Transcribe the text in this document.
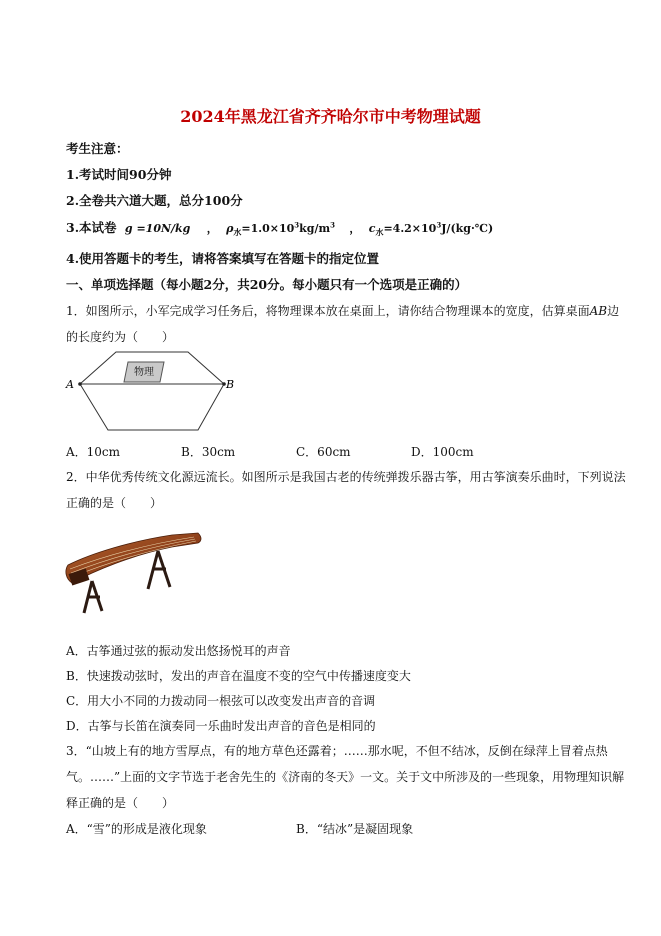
2024年黑龙江省齐齐哈尔市中考物理试题
考生注意：
1.考试时间90分钟
2.全卷共六道大题，总分100分
3.本试卷 g =10N/kg ， $\rho_水=1.0\times 10^3kg/m^3$ ， $c_水=4.2\times 10^3J/(kg\cdot℃)$
4.使用答题卡的考生，请将答案填写在答题卡的指定位置
一、单项选择题（每小题2分，共20分。每小题只有一个选项是正确的）
1．如图所示，小军完成学习任务后，将物理课本放在桌面上，请你结合物理课本的宽度，估算桌面AB边
的长度约为（　　）
物理
A	B
A．10cm	B．30cm	C．60cm	D．100cm
2．中华优秀传统文化源远流长。如图所示是我国古老的传统弹拨乐器古筝，用古筝演奏乐曲时，下列说法
正确的是（　　）
A．古筝通过弦的振动发出悠扬悦耳的声音
B．快速拨动弦时，发出的声音在温度不变的空气中传播速度变大
C．用大小不同的力拨动同一根弦可以改变发出声音的音调
D．古筝与长笛在演奏同一乐曲时发出声音的音色是相同的
3．“山坡上有的地方雪厚点，有的地方草色还露着；……那水呢，不但不结冰，反倒在绿萍上冒着点热
气。……”上面的文字节选于老舍先生的《济南的冬天》一文。关于文中所涉及的一些现象，用物理知识解
释正确的是（　　）
A．“雪”的形成是液化现象	B．“结冰”是凝固现象
